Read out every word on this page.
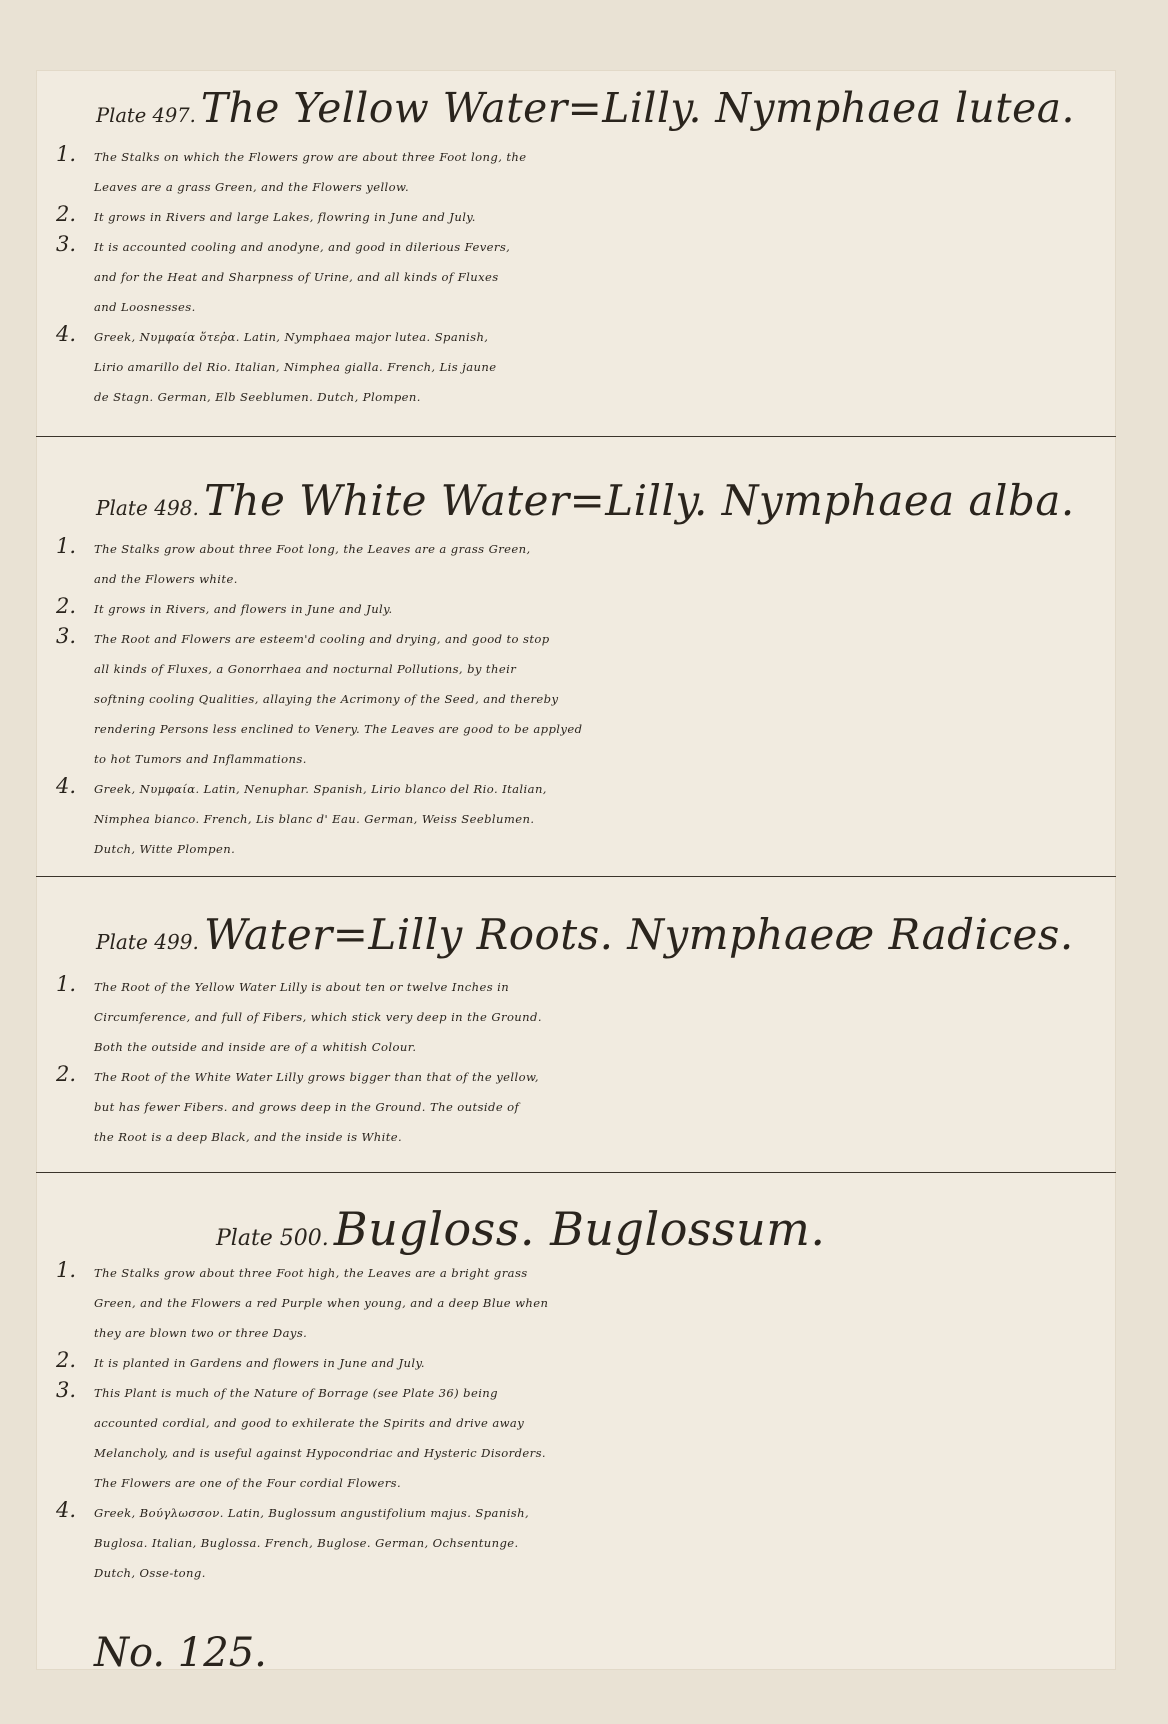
Plate 497. The Yellow Water=Lilly. Nymphaea lutea.
1. The Stalks on which the Flowers grow are about three Foot long, the
Leaves are a grass Green, and the Flowers yellow.
2. It grows in Rivers and large Lakes, flowring in June and July.
3. It is accounted cooling and anodyne, and good in dilerious Fevers,
and for the Heat and Sharpness of Urine, and all kinds of Fluxes
and Loosnesses.
4. Greek, Νυμφαία ὅτεῤα. Latin, Nymphaea major lutea. Spanish,
Lirio amarillo del Rio. Italian, Nimphea gialla. French, Lis jaune
de Stagn. German, Elb Seeblumen. Dutch, Plompen.
Plate 498. The White Water=Lilly. Nymphaea alba.
1. The Stalks grow about three Foot long, the Leaves are a grass Green,
and the Flowers white.
2. It grows in Rivers, and flowers in June and July.
3. The Root and Flowers are esteem'd cooling and drying, and good to stop
all kinds of Fluxes, a Gonorrhaea and nocturnal Pollutions, by their
softning cooling Qualities, allaying the Acrimony of the Seed, and thereby
rendering Persons less enclined to Venery. The Leaves are good to be applyed
to hot Tumors and Inflammations.
4. Greek, Νυμφαία. Latin, Nenuphar. Spanish, Lirio blanco del Rio. Italian,
Nimphea bianco. French, Lis blanc d' Eau. German, Weiss Seeblumen.
Dutch, Witte Plompen.
Plate 499. Water=Lilly Roots. Nymphaeæ Radices.
1. The Root of the Yellow Water Lilly is about ten or twelve Inches in
Circumference, and full of Fibers, which stick very deep in the Ground.
Both the outside and inside are of a whitish Colour.
2. The Root of the White Water Lilly grows bigger than that of the yellow,
but has fewer Fibers. and grows deep in the Ground. The outside of
the Root is a deep Black, and the inside is White.
Plate 500. Bugloss. Buglossum.
1. The Stalks grow about three Foot high, the Leaves are a bright grass
Green, and the Flowers a red Purple when young, and a deep Blue when
they are blown two or three Days.
2. It is planted in Gardens and flowers in June and July.
3. This Plant is much of the Nature of Borrage (see Plate 36) being
accounted cordial, and good to exhilerate the Spirits and drive away
Melancholy, and is useful against Hypocondriac and Hysteric Disorders.
The Flowers are one of the Four cordial Flowers.
4. Greek, Βούγλωσσον. Latin, Buglossum angustifolium majus. Spanish,
Buglosa. Italian, Buglossa. French, Buglose. German, Ochsentunge.
Dutch, Osse-tong.
No. 125.
